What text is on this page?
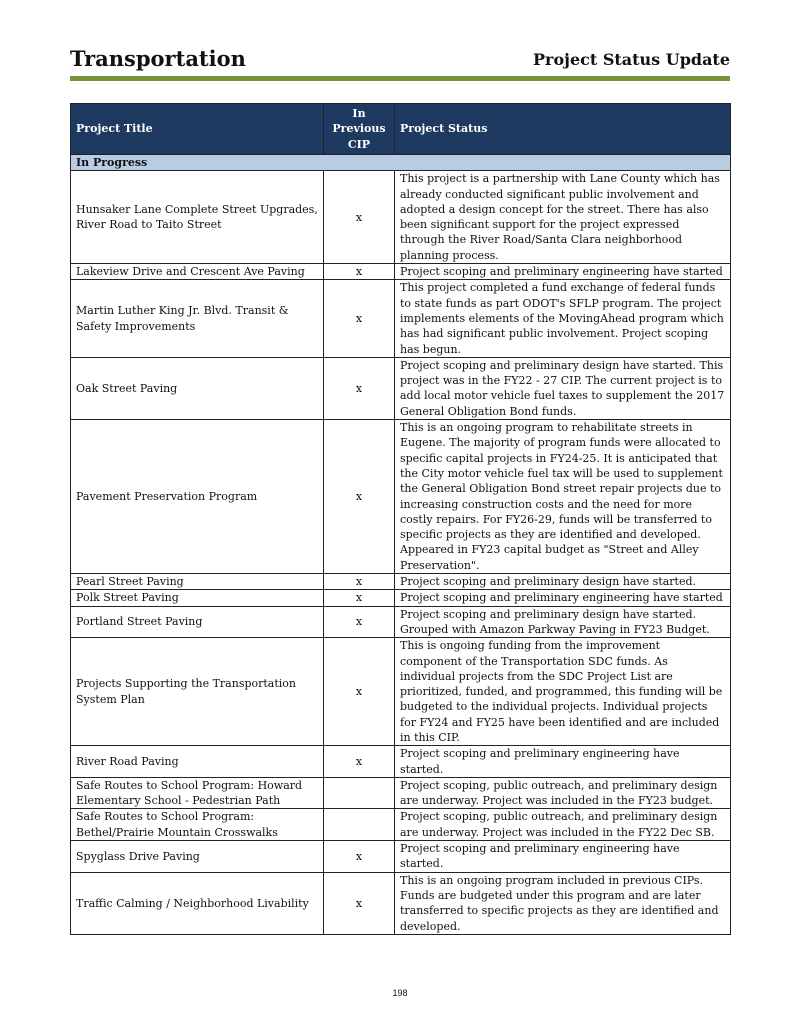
Transportation	Project Status Update
Project Title	In Previous CIP	Project Status
In Progress		
Hunsaker Lane Complete Street Upgrades, River Road to Taito Street	x	This project is a partnership with Lane County which has already conducted significant public involvement and adopted a design concept for the street. There has also been significant support for the project expressed through the River Road/Santa Clara neighborhood planning process.
Lakeview Drive and Crescent Ave Paving	x	Project scoping and preliminary engineering have started
Martin Luther King Jr. Blvd. Transit & Safety Improvements	x	This project completed a fund exchange of federal funds to state funds as part ODOT's SFLP program. The project implements elements of the MovingAhead program which has had significant public involvement. Project scoping has begun.
Oak Street Paving	x	Project scoping and preliminary design have started. This project was in the FY22 - 27 CIP. The current project is to add local motor vehicle fuel taxes to supplement the 2017 General Obligation Bond funds.
Pavement Preservation Program	x	This is an ongoing program to rehabilitate streets in Eugene. The majority of program funds were allocated to specific capital projects in FY24-25. It is anticipated that the City motor vehicle fuel tax will be used to supplement the General Obligation Bond street repair projects due to increasing construction costs and the need for more costly repairs. For FY26-29, funds will be transferred to specific projects as they are identified and developed. Appeared in FY23 capital budget as "Street and Alley Preservation".
Pearl Street Paving	x	Project scoping and preliminary design have started.
Polk Street Paving	x	Project scoping and preliminary engineering have started
Portland Street Paving	x	Project scoping and preliminary design have started. Grouped with Amazon Parkway Paving in FY23 Budget.
Projects Supporting the Transportation System Plan	x	This is ongoing funding from the improvement component of the Transportation SDC funds. As individual projects from the SDC Project List are prioritized, funded, and programmed, this funding will be budgeted to the individual projects. Individual projects for FY24 and FY25 have been identified and are included in this CIP.
River Road Paving	x	Project scoping and preliminary engineering have started.
Safe Routes to School Program: Howard Elementary School - Pedestrian Path		Project scoping, public outreach, and preliminary design are underway. Project was included in the FY23 budget.
Safe Routes to School Program: Bethel/Prairie Mountain Crosswalks		Project scoping, public outreach, and preliminary design are underway. Project was included in the FY22 Dec SB.
Spyglass Drive Paving	x	Project scoping and preliminary engineering have started.
Traffic Calming / Neighborhood Livability	x	This is an ongoing program included in previous CIPs. Funds are budgeted under this program and are later transferred to specific projects as they are identified and developed.
198
